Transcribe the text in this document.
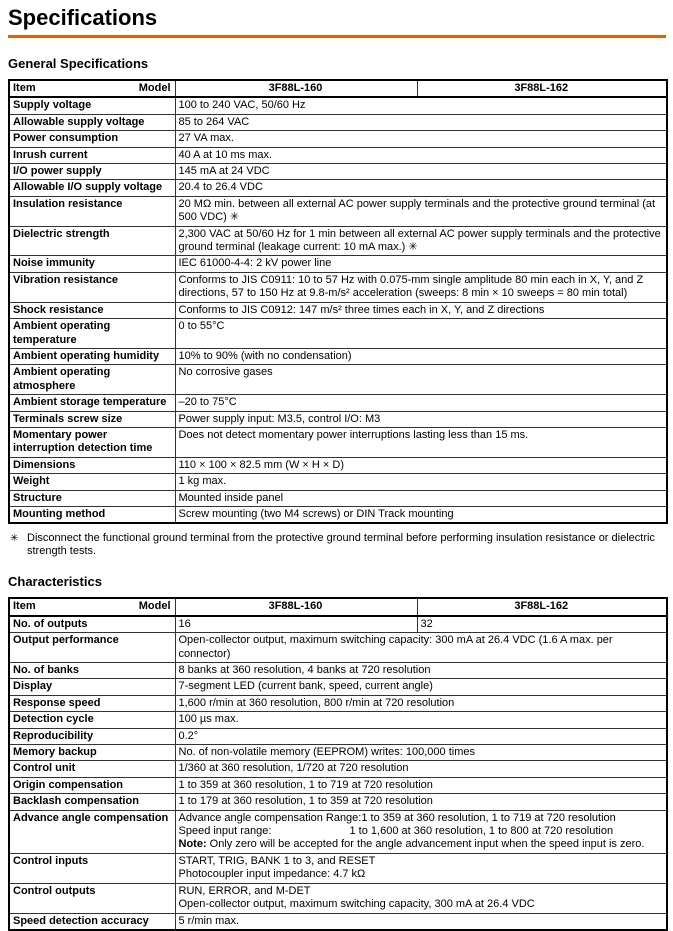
Specifications
General Specifications
Item Model	3F88L-160	3F88L-162
Supply voltage	100 to 240 VAC, 50/60 Hz	
Allowable supply voltage	85 to 264 VAC	
Power consumption	27 VA max.	
Inrush current	40 A at 10 ms max.	
I/O power supply	145 mA at 24 VDC	
Allowable I/O supply voltage	20.4 to 26.4 VDC	
Insulation resistance	20 MΩ min. between all external AC power supply terminals and the protective ground terminal (at 500 VDC) ✳	
Dielectric strength	2,300 VAC at 50/60 Hz for 1 min between all external AC power supply terminals and the protective ground terminal (leakage current: 10 mA max.) ✳	
Noise immunity	IEC 61000-4-4: 2 kV power line	
Vibration resistance	Conforms to JIS C0911: 10 to 57 Hz with 0.075-mm single amplitude 80 min each in X, Y, and Z directions, 57 to 150 Hz at 9.8-m/s² acceleration (sweeps: 8 min × 10 sweeps = 80 min total)	
Shock resistance	Conforms to JIS C0912: 147 m/s² three times each in X, Y, and Z directions	
Ambient operating temperature	0 to 55°C	
Ambient operating humidity	10% to 90% (with no condensation)	
Ambient operating atmosphere	No corrosive gases	
Ambient storage temperature	–20 to 75°C	
Terminals screw size	Power supply input: M3.5, control I/O: M3	
Momentary power interruption detection time	Does not detect momentary power interruptions lasting less than 15 ms.	
Dimensions	110 × 100 × 82.5 mm (W × H × D)	
Weight	1 kg max.	
Structure	Mounted inside panel	
Mounting method	Screw mounting (two M4 screws) or DIN Track mounting	
✳ Disconnect the functional ground terminal from the protective ground terminal before performing insulation resistance or dielectric strength tests.
Characteristics
Item Model	3F88L-160	3F88L-162
No. of outputs	16	32
Output performance	Open-collector output, maximum switching capacity: 300 mA at 26.4 VDC (1.6 A max. per connector)	
No. of banks	8 banks at 360 resolution, 4 banks at 720 resolution	
Display	7-segment LED (current bank, speed, current angle)	
Response speed	1,600 r/min at 360 resolution, 800 r/min at 720 resolution	
Detection cycle	100 µs max.	
Reproducibility	0.2°	
Memory backup	No. of non-volatile memory (EEPROM) writes: 100,000 times	
Control unit	1/360 at 360 resolution, 1/720 at 720 resolution	
Origin compensation	1 to 359 at 360 resolution, 1 to 719 at 720 resolution	
Backlash compensation	1 to 179 at 360 resolution, 1 to 359 at 720 resolution	
Advance angle compensation	Advance angle compensation Range:1 to 359 at 360 resolution, 1 to 719 at 720 resolution
Speed input range: 1 to 1,600 at 360 resolution, 1 to 800 at 720 resolution
Note: Only zero will be accepted for the angle advancement input when the speed input is zero.	

Control inputs	START, TRIG, BANK 1 to 3, and RESET
Photocoupler input impedance: 4.7 kΩ	

Control outputs	RUN, ERROR, and M-DET
Open-collector output, maximum switching capacity, 300 mA at 26.4 VDC	

Speed detection accuracy	5 r/min max.	
